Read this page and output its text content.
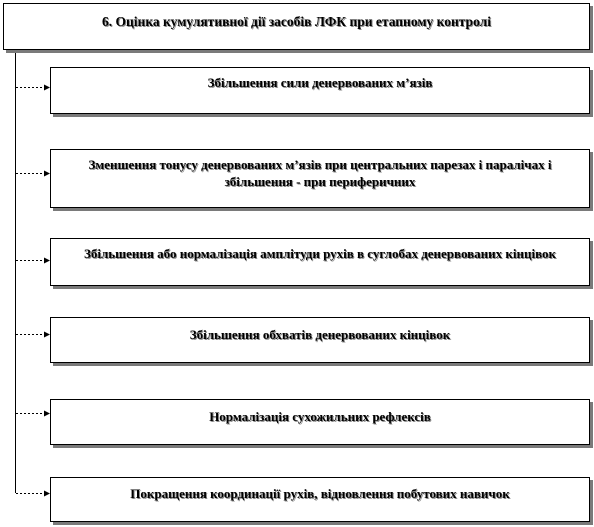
6. Оцінка кумулятивної дії засобів ЛФК при етапному контролі
Збільшення сили денервованих м’язів
Зменшення тонусу денервованих м’язів при центральних парезах і паралічах і збільшення - при периферичних
Збільшення або нормалізація амплітуди рухів в суглобах денервованих кінцівок
Збільшення обхватів денервованих кінцівок
Нормалізація сухожильних рефлексів
Покращення координації рухів, відновлення побутових навичок
